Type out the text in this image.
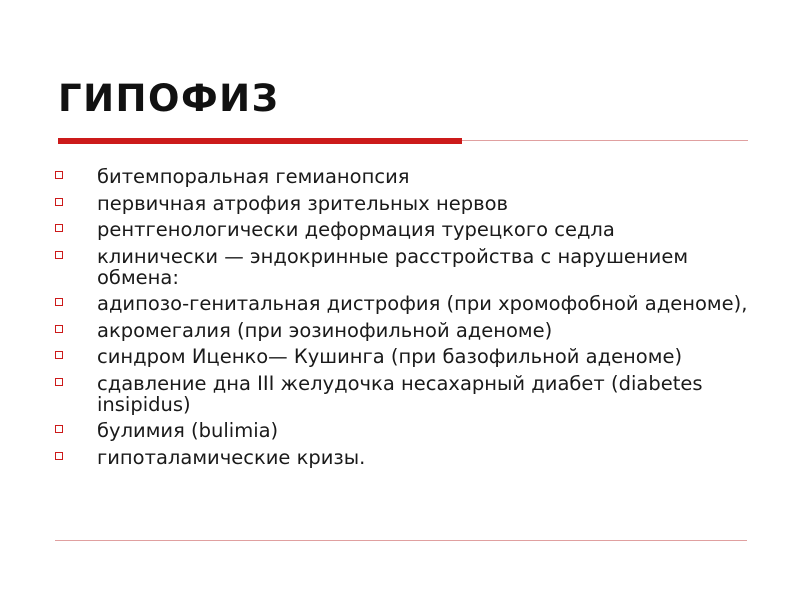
ГИПОФИЗ
битемпоральная гемианопсия
первичная атрофия зрительных нервов
рентгенологически деформация турецкого седла
клинически — эндокринные расстройства с нарушением обмена:
адипозо-генитальная дистрофия (при хромофобной аденоме),
акромегалия (при эозинофильной аденоме)
синдром Иценко— Кушинга (при базофильной аденоме)
сдавление дна III желудочка несахарный диабет (diabetes insipidus)
булимия (bulimia)
гипоталамические кризы.
